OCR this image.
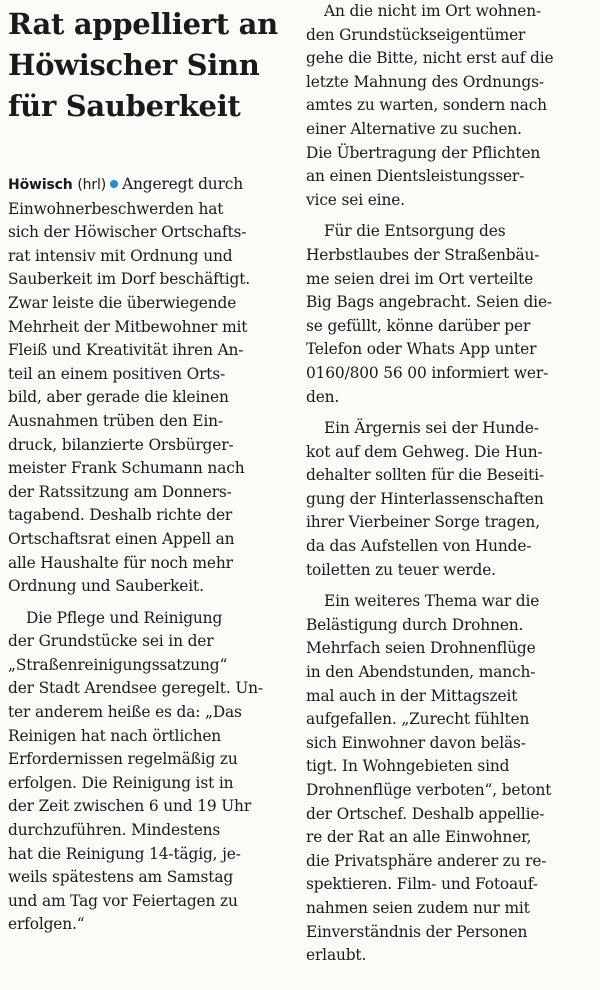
Rat appelliert an
Höwischer Sinn
für Sauberkeit
Höwisch (hrl) Angeregt durch
Einwohnerbeschwerden hat
sich der Höwischer Ortschafts-
rat intensiv mit Ordnung und
Sauberkeit im Dorf beschäftigt.
Zwar leiste die überwiegende
Mehrheit der Mitbewohner mit
Fleiß und Kreativität ihren An-
teil an einem positiven Orts-
bild, aber gerade die kleinen
Ausnahmen trüben den Ein-
druck, bilanzierte Orsbürger-
meister Frank Schumann nach
der Ratssitzung am Donners-
tagabend. Deshalb richte der
Ortschaftsrat einen Appell an
alle Haushalte für noch mehr
Ordnung und Sauberkeit.
Die Pflege und Reinigung
der Grundstücke sei in der
„Straßenreinigungssatzung“
der Stadt Arendsee geregelt. Un-
ter anderem heiße es da: „Das
Reinigen hat nach örtlichen
Erfordernissen regelmäßig zu
erfolgen. Die Reinigung ist in
der Zeit zwischen 6 und 19 Uhr
durchzuführen. Mindestens
hat die Reinigung 14-tägig, je-
weils spätestens am Samstag
und am Tag vor Feiertagen zu
erfolgen.“
An die nicht im Ort wohnen-
den Grundstückseigentümer
gehe die Bitte, nicht erst auf die
letzte Mahnung des Ordnungs-
amtes zu warten, sondern nach
einer Alternative zu suchen.
Die Übertragung der Pflichten
an einen Dientsleistungsser-
vice sei eine.
Für die Entsorgung des
Herbstlaubes der Straßenbäu-
me seien drei im Ort verteilte
Big Bags angebracht. Seien die-
se gefüllt, könne darüber per
Telefon oder Whats App unter
0160/800 56 00 informiert wer-
den.
Ein Ärgernis sei der Hunde-
kot auf dem Gehweg. Die Hun-
dehalter sollten für die Beseiti-
gung der Hinterlassenschaften
ihrer Vierbeiner Sorge tragen,
da das Aufstellen von Hunde-
toiletten zu teuer werde.
Ein weiteres Thema war die
Belästigung durch Drohnen.
Mehrfach seien Drohnenflüge
in den Abendstunden, manch-
mal auch in der Mittagszeit
aufgefallen. „Zurecht fühlten
sich Einwohner davon beläs-
tigt. In Wohngebieten sind
Drohnenflüge verboten“, betont
der Ortschef. Deshalb appellie-
re der Rat an alle Einwohner,
die Privatsphäre anderer zu re-
spektieren. Film- und Fotoauf-
nahmen seien zudem nur mit
Einverständnis der Personen
erlaubt.
